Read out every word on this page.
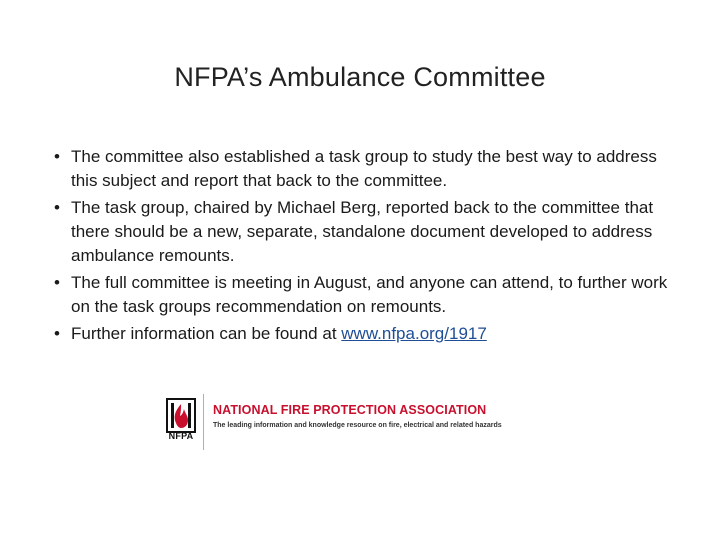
NFPA’s Ambulance Committee
• The committee also established a task group to study the best way to address this subject and report that back to the committee.
• The task group, chaired by Michael Berg, reported back to the committee that there should be a new, separate, standalone document developed to address ambulance remounts.
• The full committee is meeting in August, and anyone can attend, to further work on the task groups recommendation on remounts.
• Further information can be found at www.nfpa.org/1917
NFPA
NATIONAL FIRE PROTECTION ASSOCIATION
The leading information and knowledge resource on fire, electrical and related hazards
